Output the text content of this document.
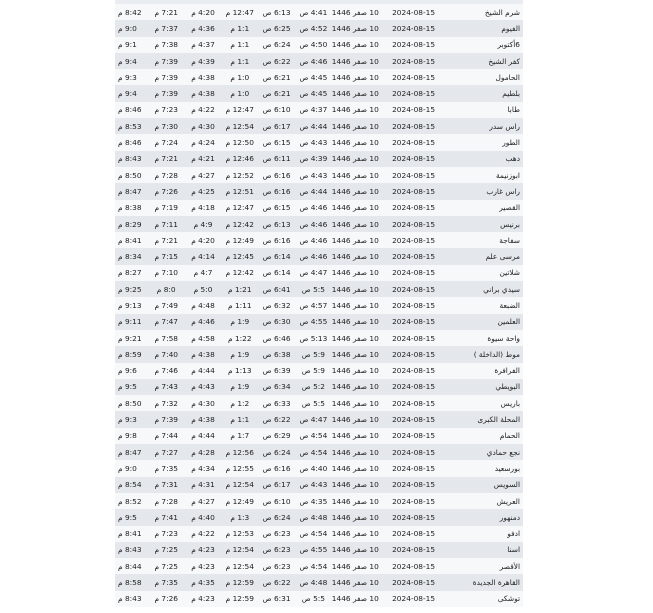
شرم الشيخ	2024-08-15	10 صفر 1446	4:41 ص	6:13 ص	12:47 م	4:20 م	7:21 م	8:42 م
الفيوم	2024-08-15	10 صفر 1446	4:52 ص	6:25 ص	1:1 م	4:36 م	7:37 م	9:0 م
6أكتوبر	2024-08-15	10 صفر 1446	4:50 ص	6:24 ص	1:1 م	4:37 م	7:38 م	9:1 م
كفر الشيخ	2024-08-15	10 صفر 1446	4:46 ص	6:22 ص	1:1 م	4:39 م	7:39 م	9:4 م
الحامول	2024-08-15	10 صفر 1446	4:45 ص	6:21 ص	1:0 م	4:38 م	7:39 م	9:3 م
بلطيم	2024-08-15	10 صفر 1446	4:45 ص	6:21 ص	1:0 م	4:38 م	7:39 م	9:4 م
طابا	2024-08-15	10 صفر 1446	4:37 ص	6:10 ص	12:47 م	4:22 م	7:23 م	8:46 م
راس سدر	2024-08-15	10 صفر 1446	4:44 ص	6:17 ص	12:54 م	4:30 م	7:30 م	8:53 م
الطور	2024-08-15	10 صفر 1446	4:43 ص	6:15 ص	12:50 م	4:24 م	7:24 م	8:46 م
دهب	2024-08-15	10 صفر 1446	4:39 ص	6:11 ص	12:46 م	4:21 م	7:21 م	8:43 م
ابوزنيمة	2024-08-15	10 صفر 1446	4:43 ص	6:16 ص	12:52 م	4:27 م	7:28 م	8:50 م
راس غارب	2024-08-15	10 صفر 1446	4:44 ص	6:16 ص	12:51 م	4:25 م	7:26 م	8:47 م
القصير	2024-08-15	10 صفر 1446	4:46 ص	6:15 ص	12:47 م	4:18 م	7:19 م	8:38 م
برنيس	2024-08-15	10 صفر 1446	4:46 ص	6:13 ص	12:42 م	4:9 م	7:11 م	8:29 م
سفاجة	2024-08-15	10 صفر 1446	4:46 ص	6:16 ص	12:49 م	4:20 م	7:21 م	8:41 م
مرسى علم	2024-08-15	10 صفر 1446	4:46 ص	6:14 ص	12:45 م	4:14 م	7:15 م	8:34 م
شلاتين	2024-08-15	10 صفر 1446	4:47 ص	6:14 ص	12:42 م	4:7 م	7:10 م	8:27 م
سيدي براني	2024-08-15	10 صفر 1446	5:5 ص	6:41 ص	1:21 م	5:0 م	8:0 م	9:25 م
الضبعة	2024-08-15	10 صفر 1446	4:57 ص	6:32 ص	1:11 م	4:48 م	7:49 م	9:13 م
العلمين	2024-08-15	10 صفر 1446	4:55 ص	6:30 ص	1:9 م	4:46 م	7:47 م	9:11 م
واحة سيوة	2024-08-15	10 صفر 1446	5:13 ص	6:46 ص	1:22 م	4:58 م	7:58 م	9:21 م
موط (الداخلة )	2024-08-15	10 صفر 1446	5:9 ص	6:38 ص	1:9 م	4:38 م	7:40 م	8:59 م
الفرافرة	2024-08-15	10 صفر 1446	5:9 ص	6:39 ص	1:13 م	4:44 م	7:46 م	9:6 م
البويطي	2024-08-15	10 صفر 1446	5:2 ص	6:34 ص	1:9 م	4:43 م	7:43 م	9:5 م
باريس	2024-08-15	10 صفر 1446	5:5 ص	6:33 ص	1:2 م	4:30 م	7:32 م	8:50 م
المحلة الكبرى	2024-08-15	10 صفر 1446	4:47 ص	6:22 ص	1:1 م	4:38 م	7:39 م	9:3 م
الحمام	2024-08-15	10 صفر 1446	4:54 ص	6:29 ص	1:7 م	4:44 م	7:44 م	9:8 م
نجع حمادي	2024-08-15	10 صفر 1446	4:54 ص	6:24 ص	12:56 م	4:28 م	7:27 م	8:47 م
بورسعيد	2024-08-15	10 صفر 1446	4:40 ص	6:16 ص	12:55 م	4:34 م	7:35 م	9:0 م
السويس	2024-08-15	10 صفر 1446	4:43 ص	6:17 ص	12:54 م	4:31 م	7:31 م	8:54 م
العريش	2024-08-15	10 صفر 1446	4:35 ص	6:10 ص	12:49 م	4:27 م	7:28 م	8:52 م
دمنهور	2024-08-15	10 صفر 1446	4:48 ص	6:24 ص	1:3 م	4:40 م	7:41 م	9:5 م
ادفو	2024-08-15	10 صفر 1446	4:54 ص	6:23 ص	12:53 م	4:22 م	7:23 م	8:41 م
اسنا	2024-08-15	10 صفر 1446	4:55 ص	6:23 ص	12:54 م	4:23 م	7:25 م	8:43 م
الأقصر	2024-08-15	10 صفر 1446	4:54 ص	6:23 ص	12:54 م	4:23 م	7:25 م	8:44 م
القاهرة الجديدة	2024-08-15	10 صفر 1446	4:48 ص	6:22 ص	12:59 م	4:35 م	7:35 م	8:58 م
توشكى	2024-08-15	10 صفر 1446	5:5 ص	6:31 ص	12:59 م	4:23 م	7:26 م	8:43 م
